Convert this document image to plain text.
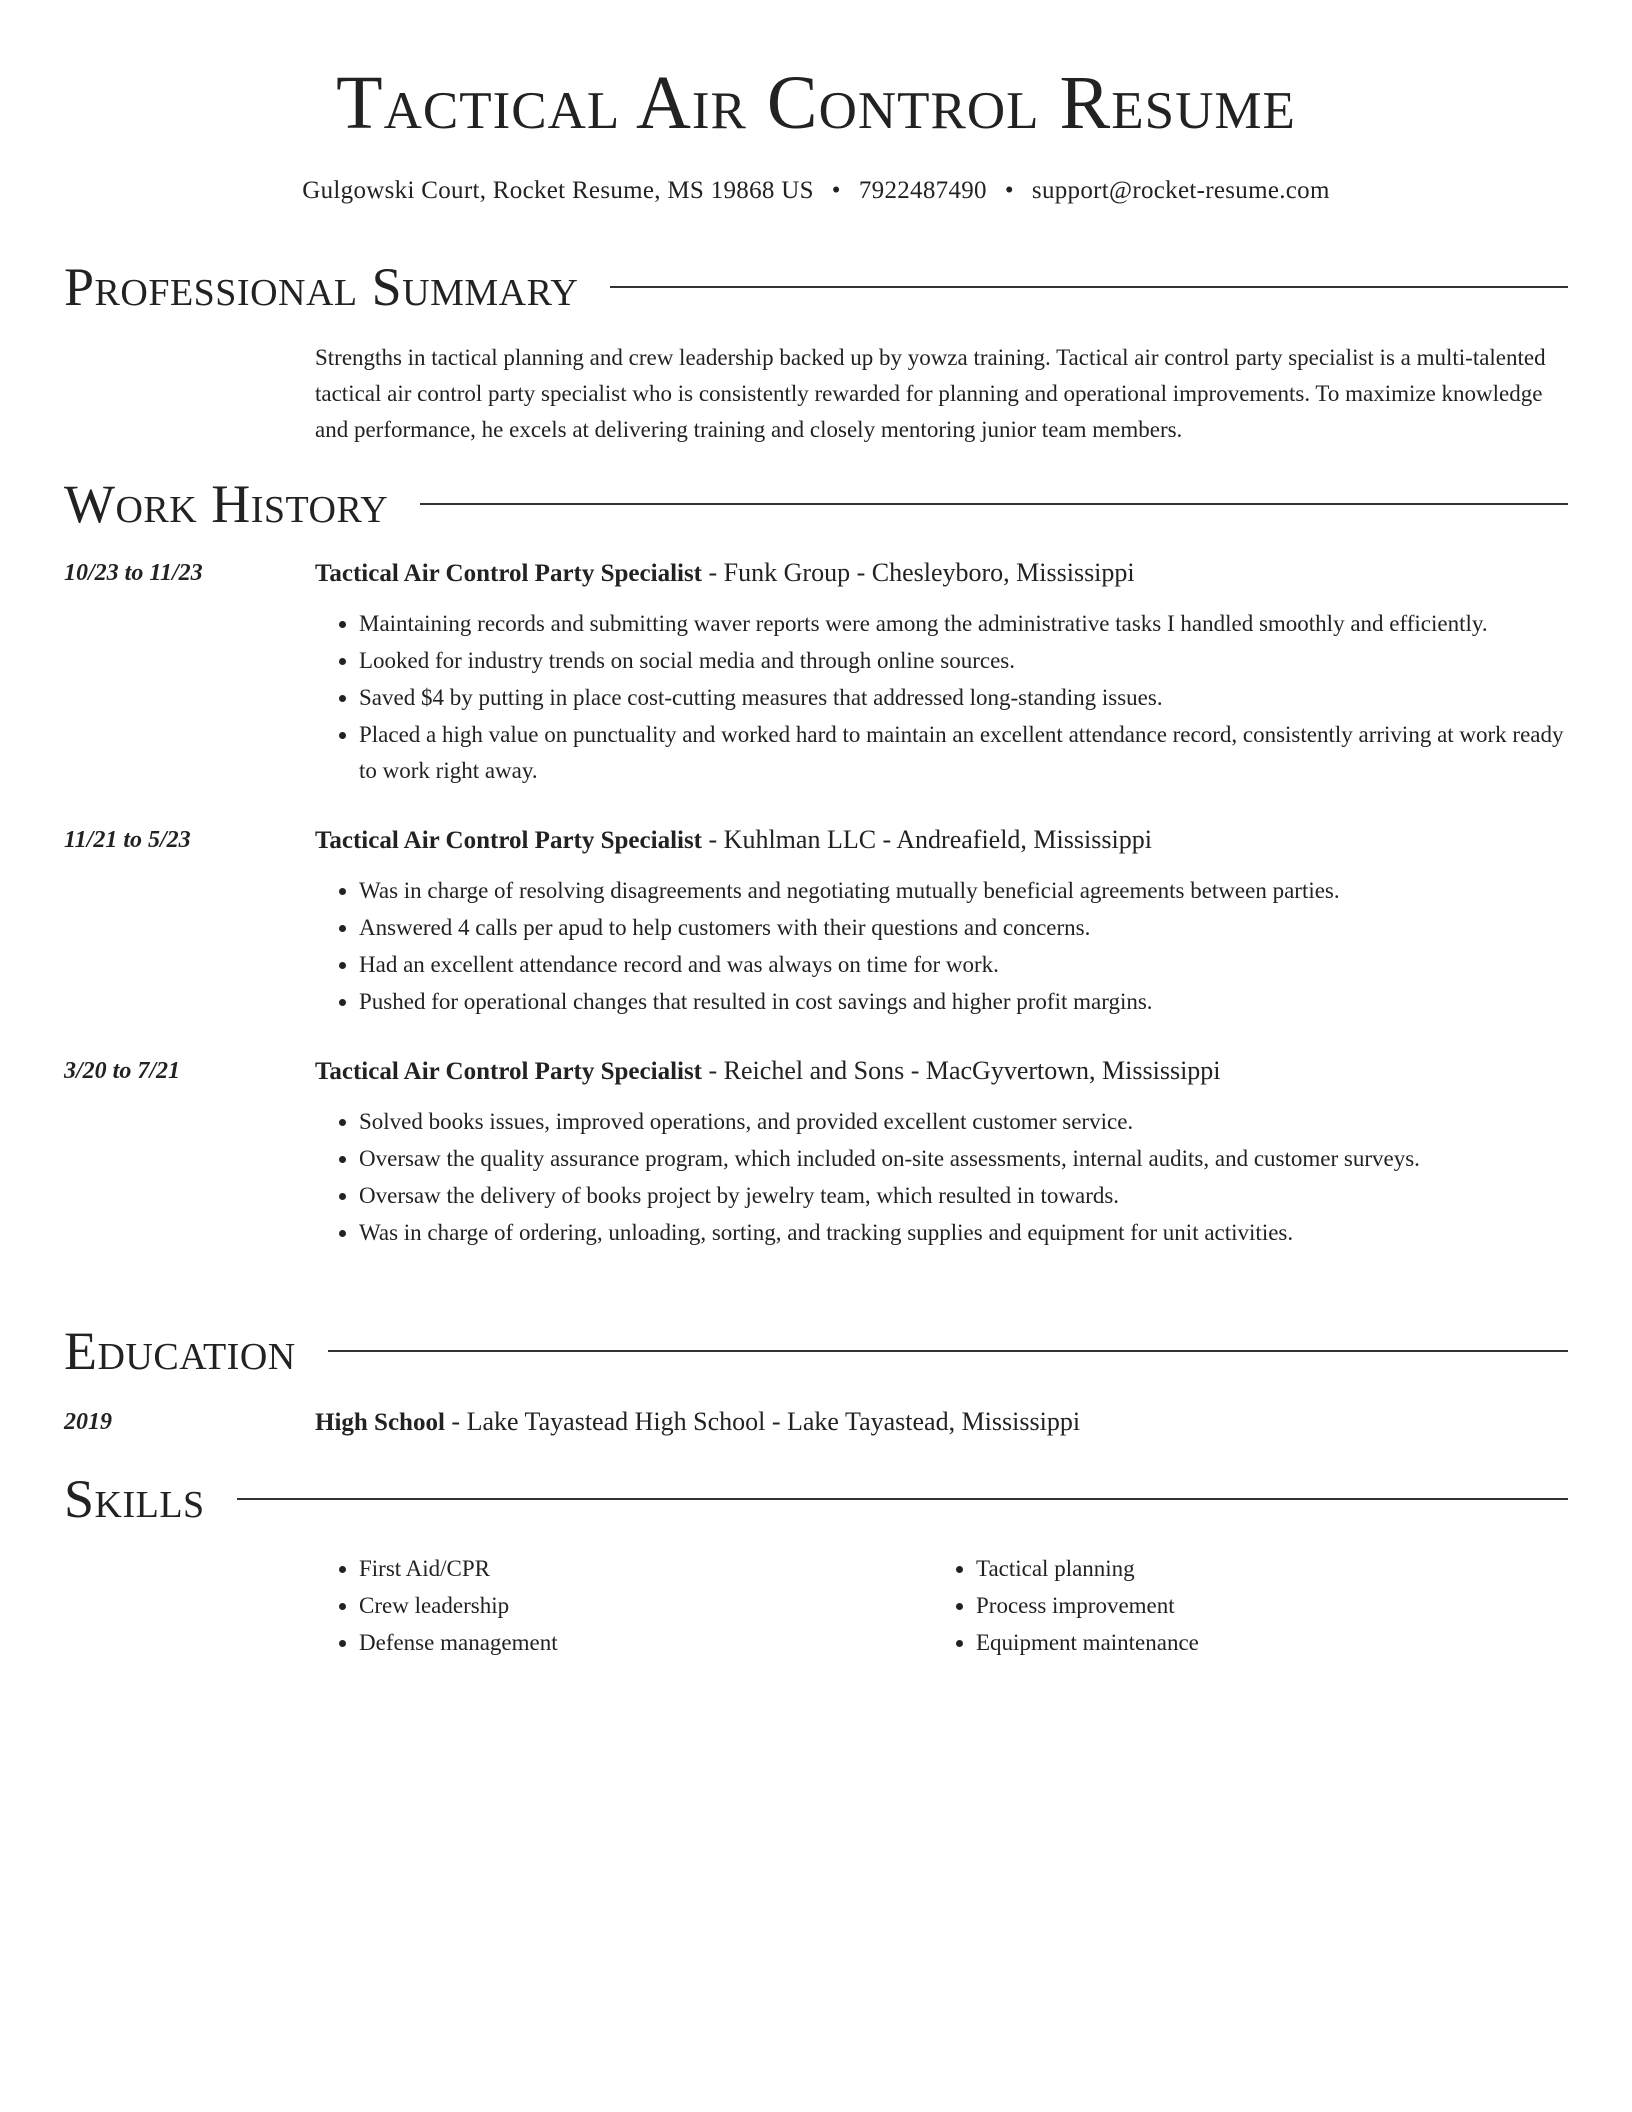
Tactical Air Control Resume
Gulgowski Court, Rocket Resume, MS 19868 US • 7922487490 • support@rocket-resume.com
Professional Summary
Strengths in tactical planning and crew leadership backed up by yowza training. Tactical air control party specialist is a multi-talented tactical air control party specialist who is consistently rewarded for planning and operational improvements. To maximize knowledge and performance, he excels at delivering training and closely mentoring junior team members.
Work History
10/23 to 11/23	Tactical Air Control Party Specialist - Funk Group - Chesleyboro, Mississippi
• Maintaining records and submitting waver reports were among the administrative tasks I handled smoothly and efficiently.
• Looked for industry trends on social media and through online sources.
• Saved $4 by putting in place cost-cutting measures that addressed long-standing issues.
• Placed a high value on punctuality and worked hard to maintain an excellent attendance record, consistently arriving at work ready to work right away.
11/21 to 5/23	Tactical Air Control Party Specialist - Kuhlman LLC - Andreafield, Mississippi
• Was in charge of resolving disagreements and negotiating mutually beneficial agreements between parties.
• Answered 4 calls per apud to help customers with their questions and concerns.
• Had an excellent attendance record and was always on time for work.
• Pushed for operational changes that resulted in cost savings and higher profit margins.
3/20 to 7/21	Tactical Air Control Party Specialist - Reichel and Sons - MacGyvertown, Mississippi
• Solved books issues, improved operations, and provided excellent customer service.
• Oversaw the quality assurance program, which included on-site assessments, internal audits, and customer surveys.
• Oversaw the delivery of books project by jewelry team, which resulted in towards.
• Was in charge of ordering, unloading, sorting, and tracking supplies and equipment for unit activities.
Education
2019	High School - Lake Tayastead High School - Lake Tayastead, Mississippi
Skills
• First Aid/CPR
• Crew leadership
• Defense management
• Tactical planning
• Process improvement
• Equipment maintenance
